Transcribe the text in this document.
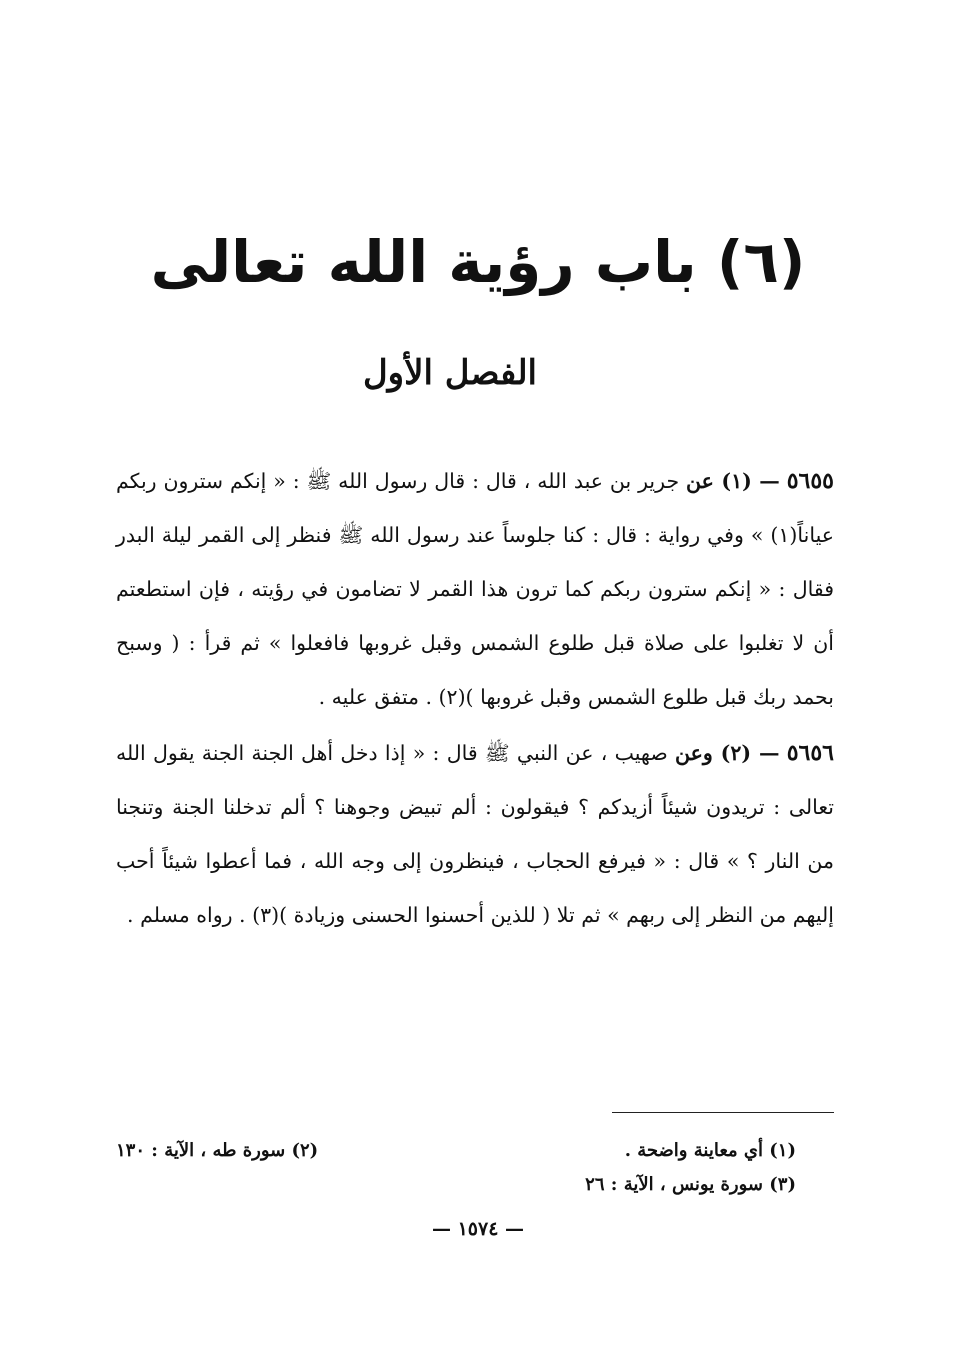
(٦) باب رؤية الله تعالى
الفصل الأول

٥٦٥٥ — (١) عن جرير بن عبد الله ، قال : قال رسول الله ﷺ : « إنكم سترون ربكم عياناً(١) » وفي رواية : قال : كنا جلوساً عند رسول الله ﷺ فنظر إلى القمر ليلة البدر فقال : « إنكم سترون ربكم كما ترون هذا القمر لا تضامون في رؤيته ، فإن استطعتم أن لا تغلبوا على صلاة قبل طلوع الشمس وقبل غروبها فافعلوا » ثم قرأ : ( وسبح بحمد ربك قبل طلوع الشمس وقبل غروبها )(٢) . متفق عليه .

٥٦٥٦ — (٢) وعن صهيب ، عن النبي ﷺ قال : « إذا دخل أهل الجنة الجنة يقول الله تعالى : تريدون شيئاً أزيدكم ؟ فيقولون : ألم تبيض وجوهنا ؟ ألم تدخلنا الجنة وتنجنا من النار ؟ » قال : « فيرفع الحجاب ، فينظرون إلى وجه الله ، فما أعطوا شيئاً أحب إليهم من النظر إلى ربهم » ثم تلا ( للذين أحسنوا الحسنى وزيادة )(٣) . رواه مسلم .

(١) أي معاينة واضحة .
(٢) سورة طه ، الآية : ١٣٠
(٣) سورة يونس ، الآية : ٢٦
— ١٥٧٤ —
